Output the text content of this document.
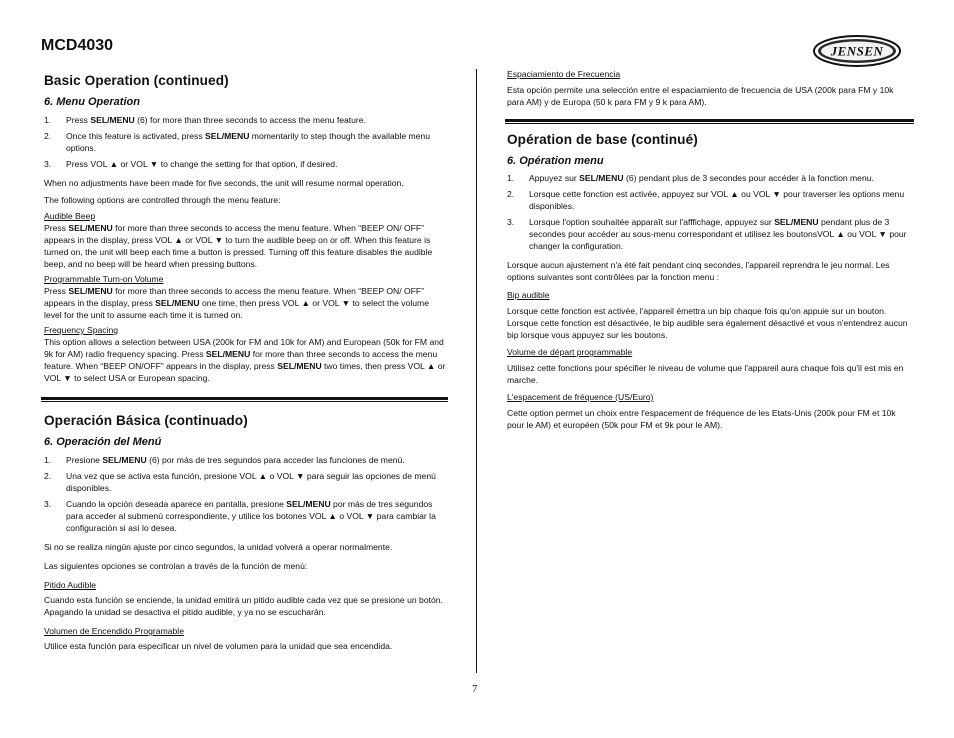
MCD4030	JENSEN
Basic Operation (continued)
6. Menu Operation
1.	Press SEL/MENU (6) for more than three seconds to access the menu feature.
2.	Once this feature is activated, press SEL/MENU momentarily to step though the available menu options.
3.	Press VOL ▲ or VOL ▼ to change the setting for that option, if desired.

When no adjustments have been made for five seconds, the unit will resume normal operation.

The following options are controlled through the menu feature:

Audible Beep

Press SEL/MENU for more than three seconds to access the menu feature. When “BEEP ON/ OFF” appears in the display, press VOL ▲ or VOL ▼ to turn the audible beep on or off. When this feature is turned on, the unit will beep each time a button is pressed. Turning off this feature disables the audible beep, and no beep will be heard when pressing buttons.

Programmable Turn-on Volume

Press SEL/MENU for more than three seconds to access the menu feature. When “BEEP ON/ OFF” appears in the display, press SEL/MENU one time, then press VOL ▲ or VOL ▼ to select the volume level for the unit to assume each time it is turned on.

Frequency Spacing

This option allows a selection between USA (200k for FM and 10k for AM) and European (50k for FM and 9k for AM) radio frequency spacing. Press SEL/MENU for more than three seconds to access the menu feature. When “BEEP ON/OFF” appears in the display, press SEL/MENU two times, then press VOL ▲ or VOL ▼ to select USA or European spacing.

Operación Básica (continuado)
6. Operación del Menú
1.	Presione SEL/MENU (6) por más de tres segundos para acceder las funciones de menú.
2.	Una vez que se activa esta función, presione VOL ▲ o VOL ▼ para seguir las opciones de menú disponibles.
3.	Cuando la opción deseada aparece en pantalla, presione SEL/MENU por más de tres segundos para acceder al submenú correspondiente, y utilice los botones VOL ▲ o VOL ▼ para cambiar la configuración si así lo desea.

Si no se realiza ningún ajuste por cinco segundos, la unidad volverá a operar normalmente.

Las siguientes opciones se controlan a través de la función de menú:

Pitido Audible

Cuando esta función se enciende, la unidad emitirá un pitido audible cada vez que se presione un botón. Apagando la unidad se desactiva el pitido audible, y ya no se escucharán.

Volumen de Encendido Programable

Utilice esta función para especificar un nivel de volumen para la unidad que sea encendida.

Espaciamiento de Frecuencia

Esta opción permite una selección entre el espaciamiento de frecuencia de USA (200k para FM y 10k para AM) y de Europa (50 k para FM y 9 k para AM).

Opération de base (continué)
6. Opération menu
1.	Appuyez sur SEL/MENU (6) pendant plus de 3 secondes pour accéder à la fonction menu.
2.	Lorsque cette fonction est activée, appuyez sur VOL ▲ ou VOL ▼ pour traverser les options menu disponibles.
3.	Lorsque l'option souhaitée apparaît sur l'afffichage, appuyez sur SEL/MENU pendant plus de 3 secondes pour accéder au sous-menu correspondant et utilisez les boutonsVOL ▲ ou VOL ▼ pour changer la configuration.

Lorsque aucun ajustement n'a été fait pendant cinq secondes, l'appareil reprendra le jeu normal. Les options suivantes sont contrôlées par la fonction menu :

Bip audible

Lorsque cette fonction est activée, l'appareil émettra un bip chaque fois qu'on appuie sur un bouton. Lorsque cette fonction est désactivée, le bip audible sera également désactivé et vous n'entendrez aucun bip lorsque vous appuyez sur les boutons.

Volume de départ programmable

Utilisez cette fonctions pour spécifier le niveau de volume que l'appareil aura chaque fois qu'il est mis en marche.

L'espacement de fréquence (US/Euro)

Cette option permet un choix entre l'espacement de fréquence de les Etats-Unis (200k pour FM et 10k pour le AM) et européen (50k pour FM et 9k pour le AM).

7
